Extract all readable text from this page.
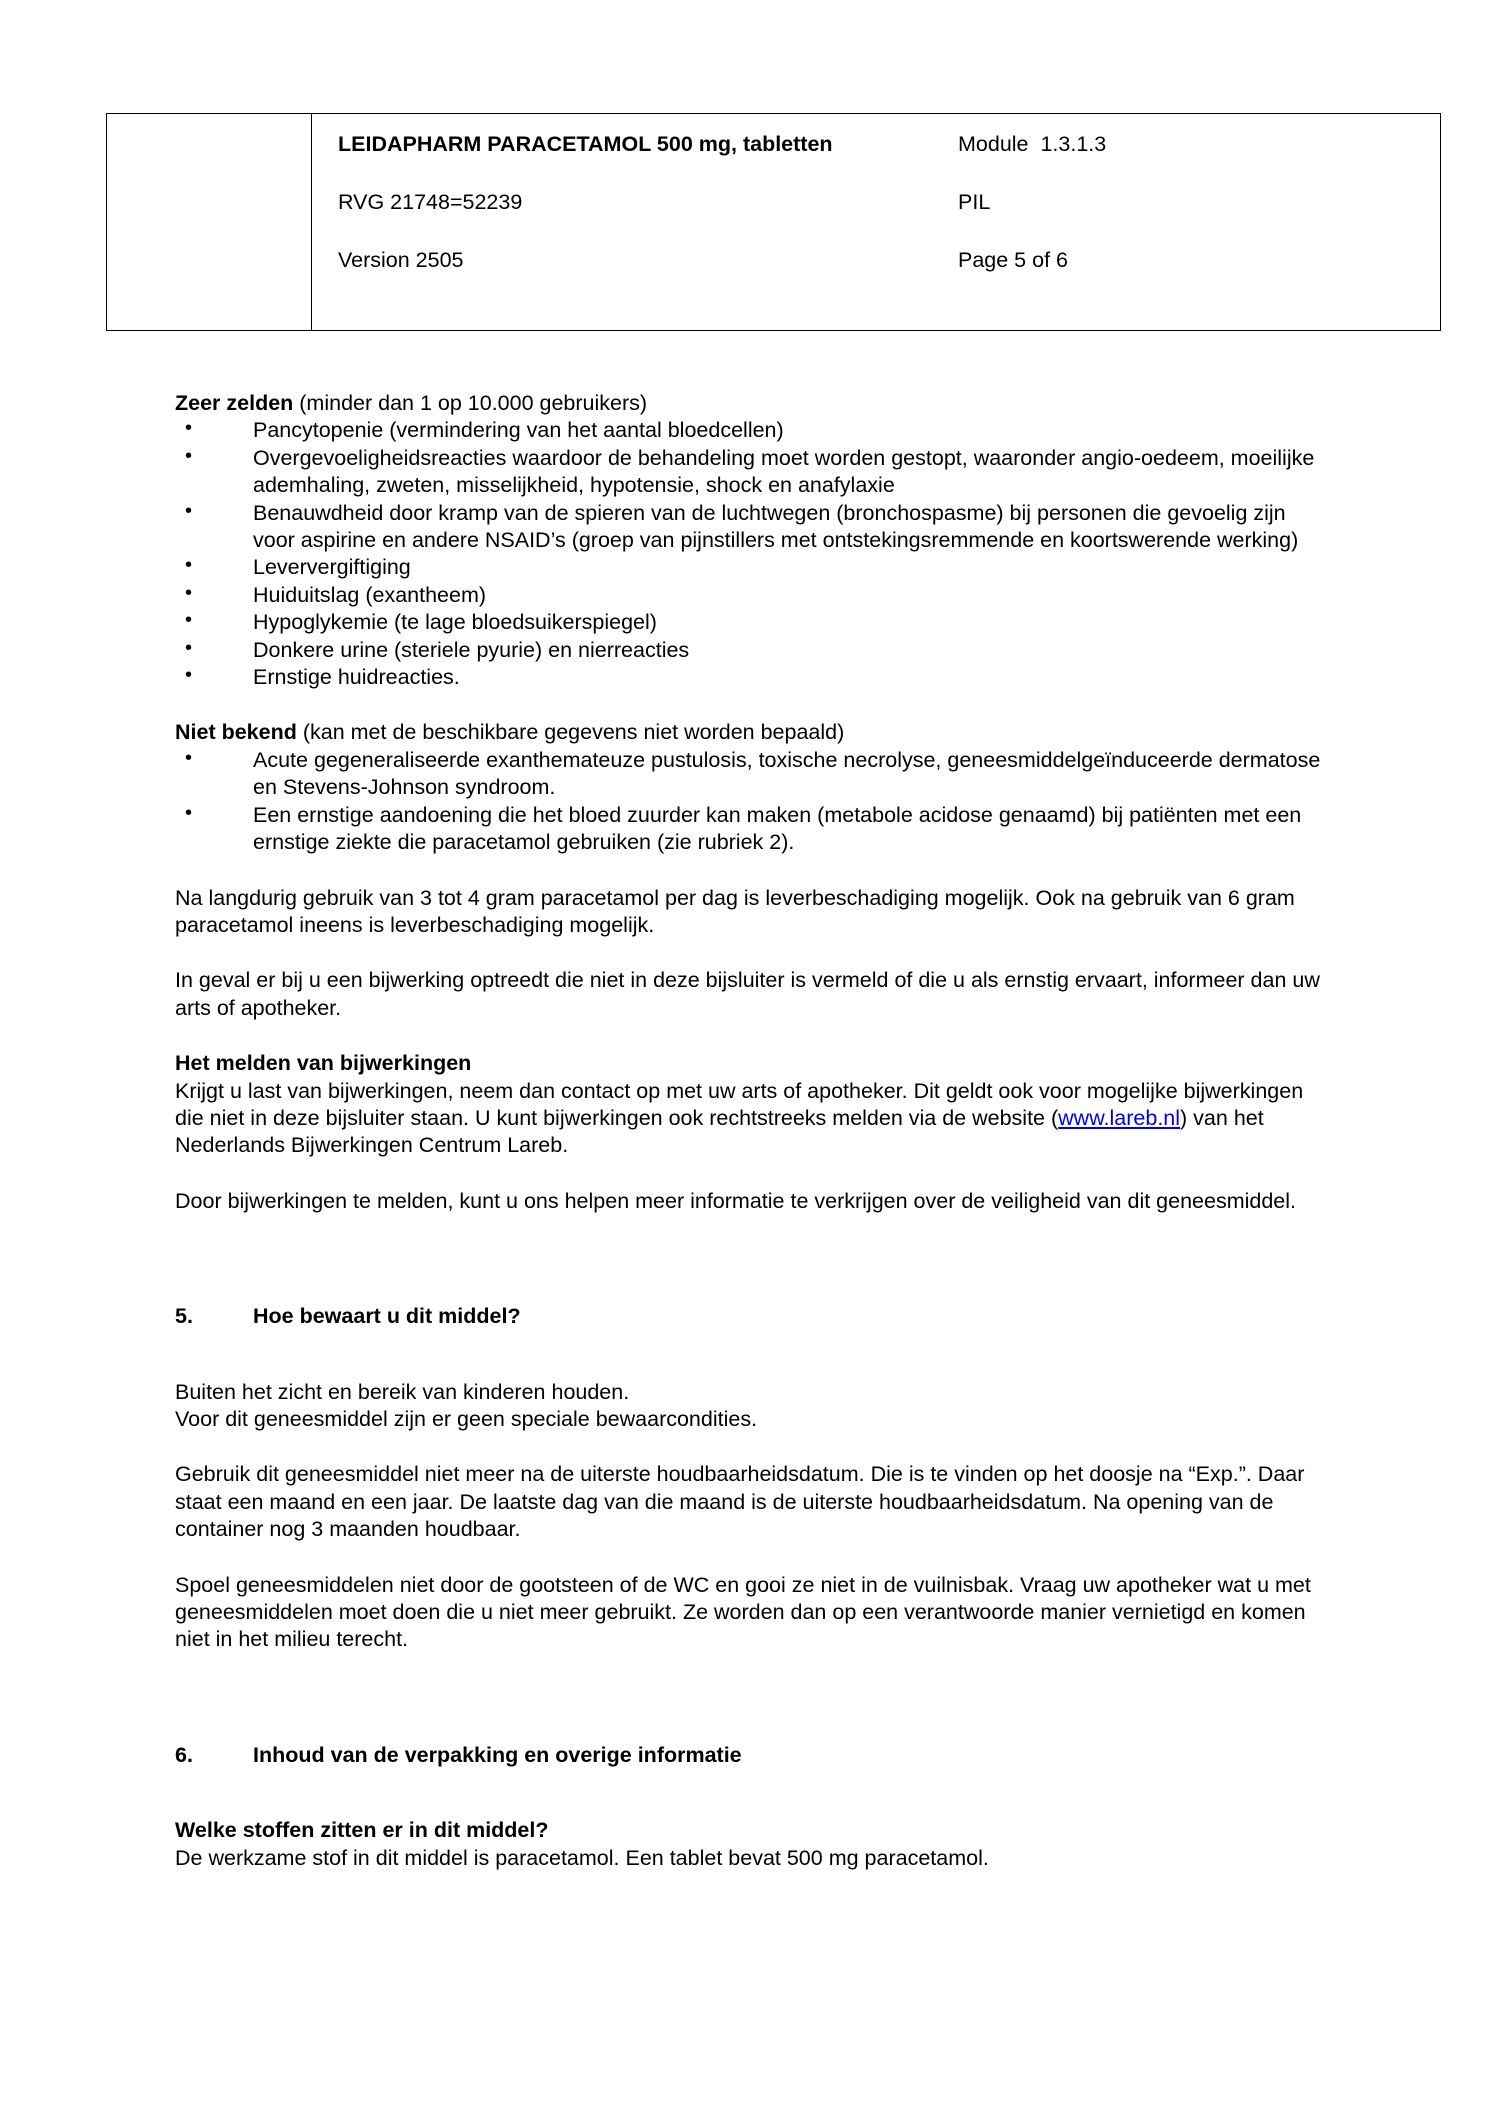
LEIDAPHARM PARACETAMOL 500 mg, tabletten	Module  1.3.1.3
RVG 21748=52239	PIL
Version 2505	Page 5 of 6

Zeer zelden (minder dan 1 op 10.000 gebruikers)

• Pancytopenie (vermindering van het aantal bloedcellen)
• Overgevoeligheidsreacties waardoor de behandeling moet worden gestopt, waaronder angio-oedeem, moeilijke ademhaling, zweten, misselijkheid, hypotensie, shock en anafylaxie
• Benauwdheid door kramp van de spieren van de luchtwegen (bronchospasme) bij personen die gevoelig zijn voor aspirine en andere NSAID’s (groep van pijnstillers met ontstekingsremmende en koortswerende werking)
• Leververgiftiging
• Huiduitslag (exantheem)
• Hypoglykemie (te lage bloedsuikerspiegel)
• Donkere urine (steriele pyurie) en nierreacties
• Ernstige huidreacties.

Niet bekend (kan met de beschikbare gegevens niet worden bepaald)

• Acute gegeneraliseerde exanthemateuze pustulosis, toxische necrolyse, geneesmiddelgeïnduceerde dermatose en Stevens-Johnson syndroom.
• Een ernstige aandoening die het bloed zuurder kan maken (metabole acidose genaamd) bij patiënten met een ernstige ziekte die paracetamol gebruiken (zie rubriek 2).

Na langdurig gebruik van 3 tot 4 gram paracetamol per dag is leverbeschadiging mogelijk. Ook na gebruik van 6 gram paracetamol ineens is leverbeschadiging mogelijk.

In geval er bij u een bijwerking optreedt die niet in deze bijsluiter is vermeld of die u als ernstig ervaart, informeer dan uw arts of apotheker.

Het melden van bijwerkingen

Krijgt u last van bijwerkingen, neem dan contact op met uw arts of apotheker. Dit geldt ook voor mogelijke bijwerkingen die niet in deze bijsluiter staan. U kunt bijwerkingen ook rechtstreeks melden via de website (www.lareb.nl) van het Nederlands Bijwerkingen Centrum Lareb.

Door bijwerkingen te melden, kunt u ons helpen meer informatie te verkrijgen over de veiligheid van dit geneesmiddel.

5.	Hoe bewaart u dit middel?

Buiten het zicht en bereik van kinderen houden.

Voor dit geneesmiddel zijn er geen speciale bewaarcondities.

Gebruik dit geneesmiddel niet meer na de uiterste houdbaarheidsdatum. Die is te vinden op het doosje na “Exp.”. Daar staat een maand en een jaar. De laatste dag van die maand is de uiterste houdbaarheidsdatum. Na opening van de container nog 3 maanden houdbaar.

Spoel geneesmiddelen niet door de gootsteen of de WC en gooi ze niet in de vuilnisbak. Vraag uw apotheker wat u met geneesmiddelen moet doen die u niet meer gebruikt. Ze worden dan op een verantwoorde manier vernietigd en komen niet in het milieu terecht.

6.	Inhoud van de verpakking en overige informatie

Welke stoffen zitten er in dit middel?

De werkzame stof in dit middel is paracetamol. Een tablet bevat 500 mg paracetamol.
